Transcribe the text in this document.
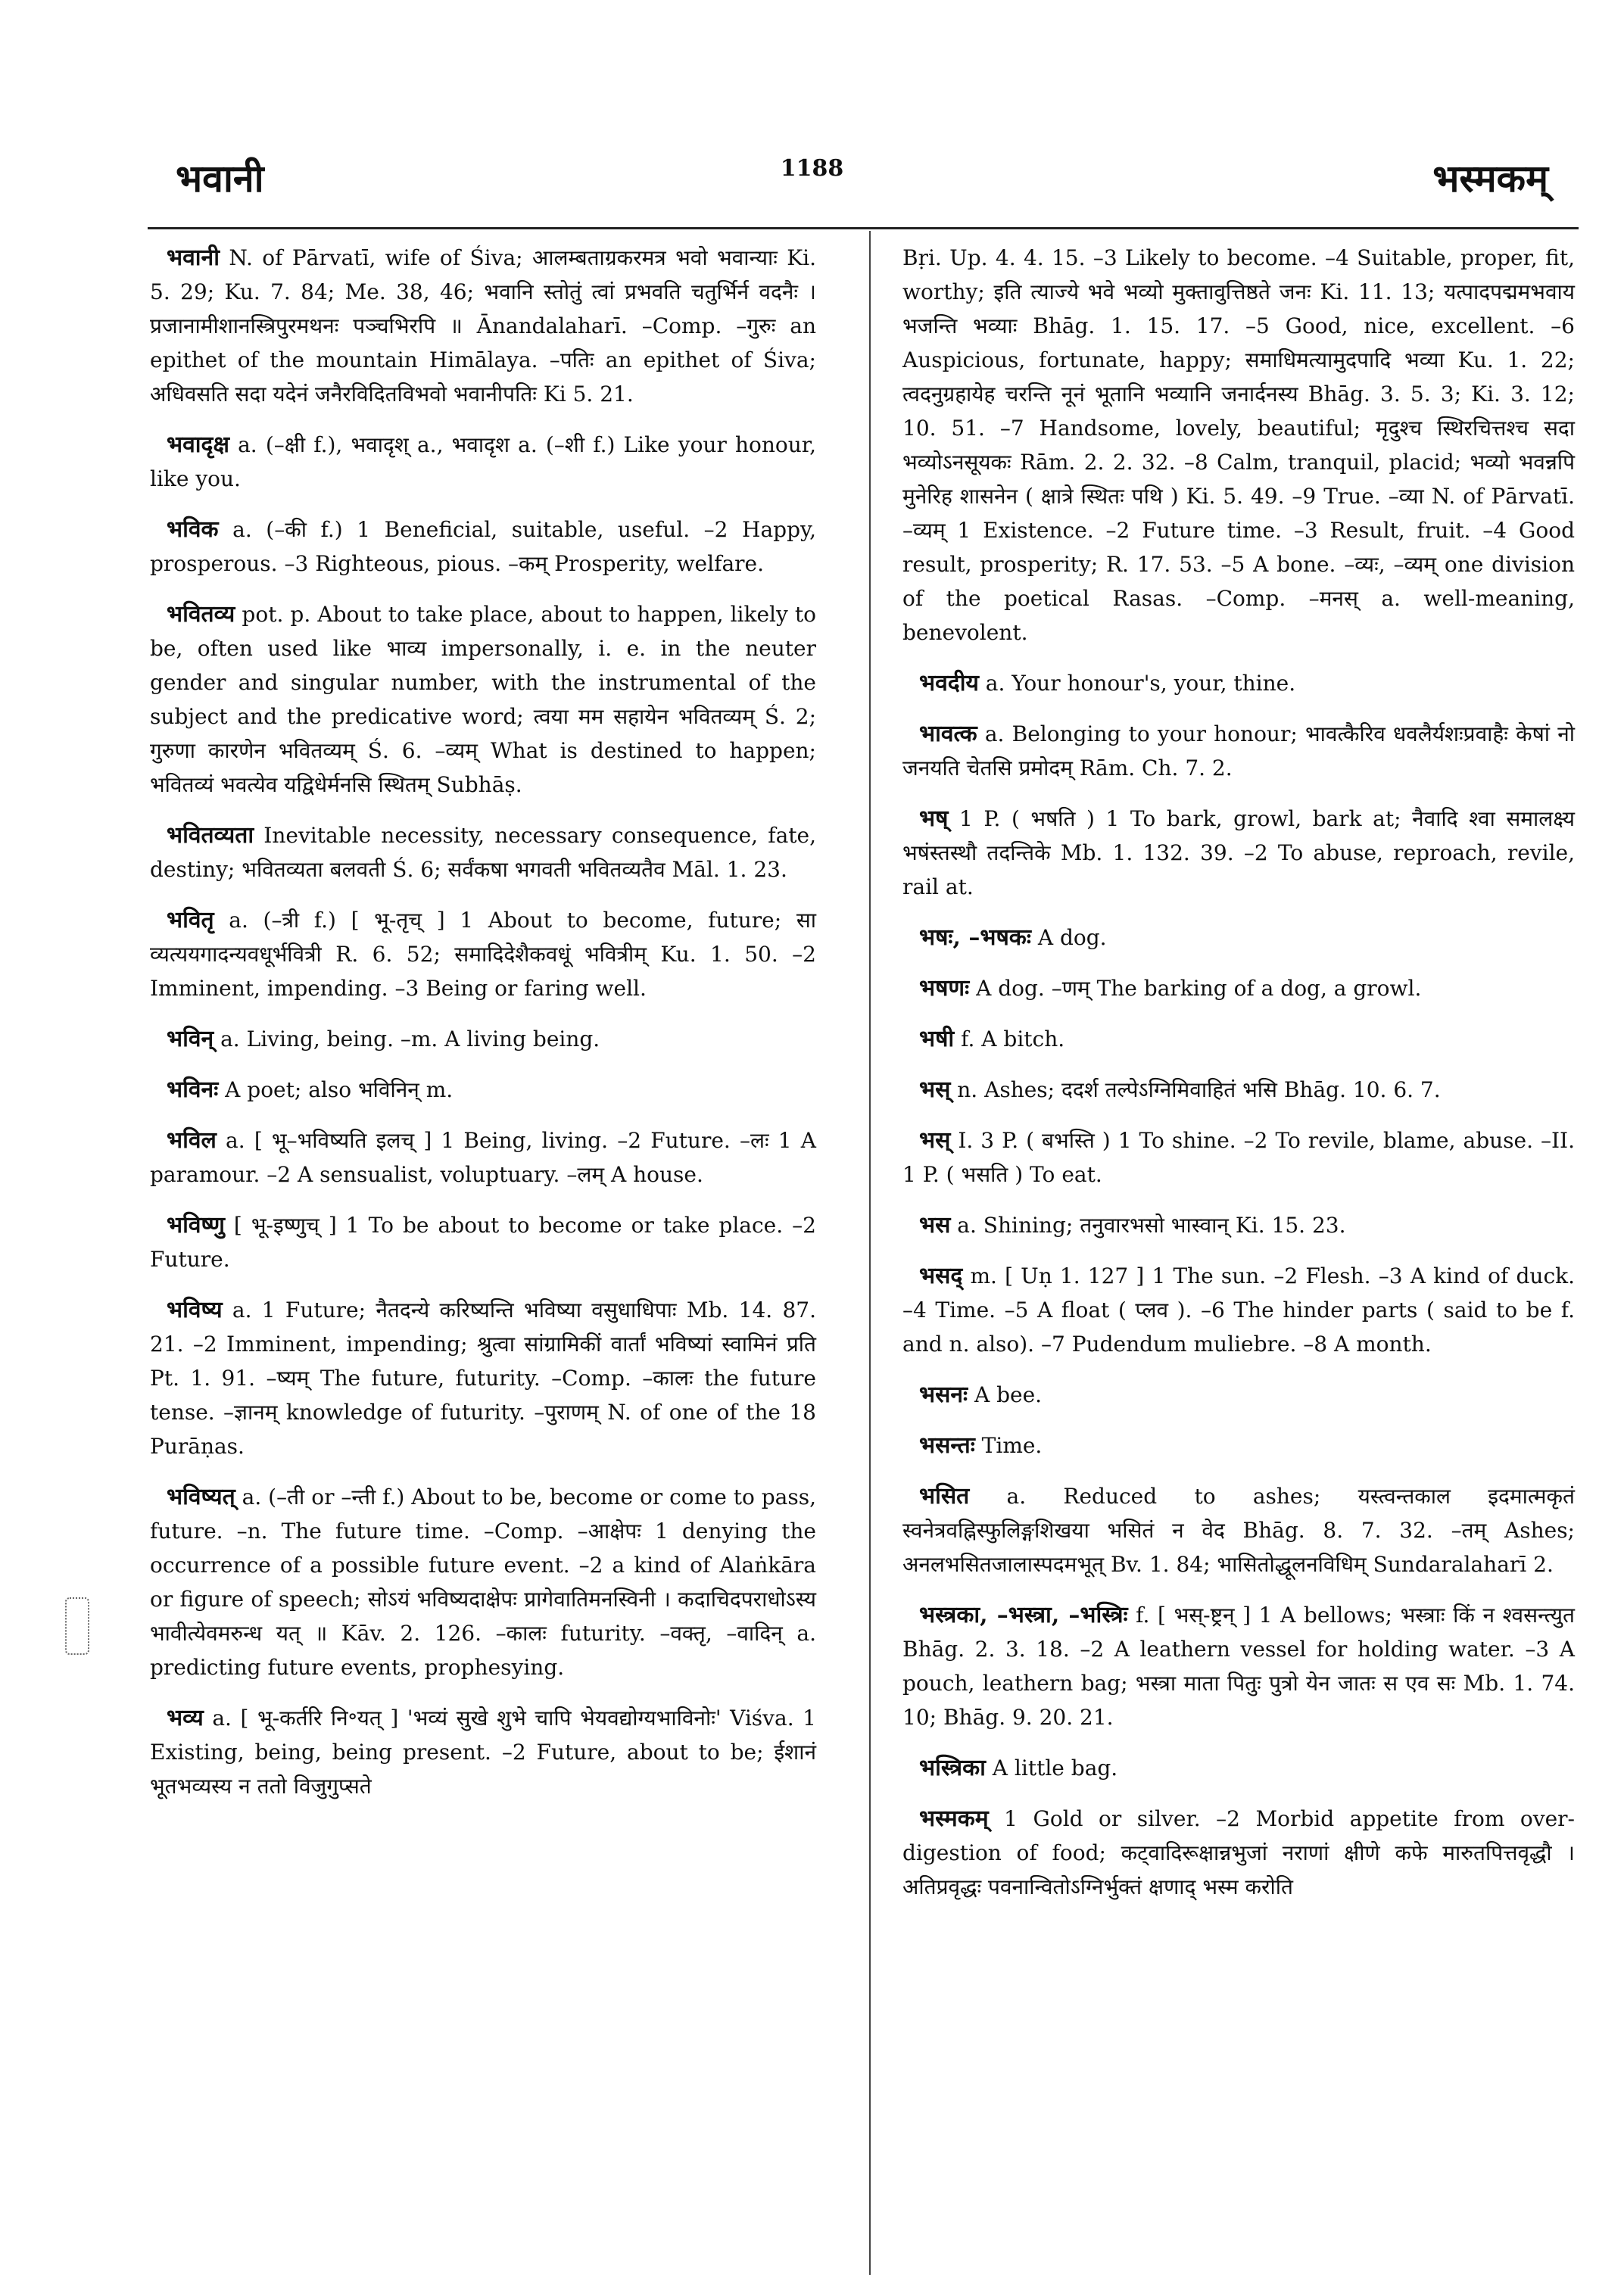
भवानी	1188	भस्मकम्

भवानी N. of Pārvatī, wife of Śiva; आलम्बताग्रकरमत्र भवो भवान्याः Ki. 5. 29; Ku. 7. 84; Me. 38, 46; भवानि स्तोतुं त्वां प्रभवति चतुर्भिर्न वदनैः । प्रजानामीशानस्त्रिपुरमथनः पञ्चभिरपि ॥ Ānandalaharī. –Comp. –गुरुः an epithet of the mountain Himālaya. –पतिः an epithet of Śiva; अधिवसति सदा यदेनं जनैरविदितविभवो भवानीपतिः Ki 5. 21.

भवादृक्ष a. (–क्षी f.), भवादृश् a., भवादृश a. (–शी f.) Like your honour, like you.

भविक a. (–की f.) 1 Beneficial, suitable, useful. –2 Happy, prosperous. –3 Righteous, pious. –कम् Prosperity, welfare.

भवितव्य pot. p. About to take place, about to happen, likely to be, often used like भाव्य impersonally, i. e. in the neuter gender and singular number, with the instrumental of the subject and the predicative word; त्वया मम सहायेन भवितव्यम् Ś. 2; गुरुणा कारणेन भवितव्यम् Ś. 6. –व्यम् What is destined to happen; भवितव्यं भवत्येव यद्विधेर्मनसि स्थितम् Subhāṣ.

भवितव्यता Inevitable necessity, necessary consequence, fate, destiny; भवितव्यता बलवती Ś. 6; सर्वंकषा भगवती भवितव्यतैव Māl. 1. 23.

भवितृ a. (–त्री f.) [ भू-तृच् ] 1 About to become, future; सा व्यत्ययगादन्यवधूर्भवित्री R. 6. 52; समादिदेशैकवधूं भवित्रीम् Ku. 1. 50. –2 Imminent, impending. –3 Being or faring well.

भविन् a. Living, being. –m. A living being.

भविनः A poet; also भविनिन् m.

भविल a. [ भू–भविष्यति इलच् ] 1 Being, living. –2 Future. –लः 1 A paramour. –2 A sensualist, voluptuary. –लम् A house.

भविष्णु [ भू-इष्णुच् ] 1 To be about to become or take place. –2 Future.

भविष्य a. 1 Future; नैतदन्ये करिष्यन्ति भविष्या वसुधाधिपाः Mb. 14. 87. 21. –2 Imminent, impending; श्रुत्वा सांग्रामिकीं वार्तां भविष्यां स्वामिनं प्रति Pt. 1. 91. –ष्यम् The future, futurity. –Comp. –कालः the future tense. –ज्ञानम् knowledge of futurity. –पुराणम् N. of one of the 18 Purāṇas.

भविष्यत् a. (–ती or –न्ती f.) About to be, become or come to pass, future. –n. The future time. –Comp. –आक्षेपः 1 denying the occurrence of a possible future event. –2 a kind of Alaṅkāra or figure of speech; सोऽयं भविष्यदाक्षेपः प्रागेवातिमनस्विनी । कदाचिदपराधोऽस्य भावीत्येवमरुन्ध यत् ॥ Kāv. 2. 126. –कालः futurity. –वक्तृ, –वादिन् a. predicting future events, prophesying.

भव्य a. [ भू-कर्तरि नि॰यत् ] 'भव्यं सुखे शुभे चापि भेयवद्योग्यभाविनोः' Viśva. 1 Existing, being, being present. –2 Future, about to be; ईशानं भूतभव्यस्य न ततो विजुगुप्सते

Bṛi. Up. 4. 4. 15. –3 Likely to become. –4 Suitable, proper, fit, worthy; इति त्याज्ये भवे भव्यो मुक्तावुत्तिष्ठते जनः Ki. 11. 13; यत्पादपद्ममभवाय भजन्ति भव्याः Bhāg. 1. 15. 17. –5 Good, nice, excellent. –6 Auspicious, fortunate, happy; समाधिमत्यामुदपादि भव्या Ku. 1. 22; त्वदनुग्रहायेह चरन्ति नूनं भूतानि भव्यानि जनार्दनस्य Bhāg. 3. 5. 3; Ki. 3. 12; 10. 51. –7 Handsome, lovely, beautiful; मृदुश्च स्थिरचित्तश्च सदा भव्योऽनसूयकः Rām. 2. 2. 32. –8 Calm, tranquil, placid; भव्यो भवन्नपि मुनेरिह शासनेन ( क्षात्रे स्थितः पथि ) Ki. 5. 49. –9 True. –व्या N. of Pārvatī. –व्यम् 1 Existence. –2 Future time. –3 Result, fruit. –4 Good result, prosperity; R. 17. 53. –5 A bone. –व्यः, –व्यम् one division of the poetical Rasas. –Comp. –मनस् a. well-meaning, benevolent.

भवदीय a. Your honour's, your, thine.

भावत्क a. Belonging to your honour; भावत्कैरिव धवलैर्यशःप्रवाहैः केषां नो जनयति चेतसि प्रमोदम् Rām. Ch. 7. 2.

भष् 1 P. ( भषति ) 1 To bark, growl, bark at; नैवादि श्वा समालक्ष्य भषंस्तस्थौ तदन्तिके Mb. 1. 132. 39. –2 To abuse, reproach, revile, rail at.

भषः, –भषकः A dog.

भषणः A dog. –णम् The barking of a dog, a growl.

भषी f. A bitch.

भस् n. Ashes; ददर्श तल्पेऽग्निमिवाहितं भसि Bhāg. 10. 6. 7.

भस् I. 3 P. ( बभस्ति ) 1 To shine. –2 To revile, blame, abuse. –II. 1 P. ( भसति ) To eat.

भस a. Shining; तनुवारभसो भास्वान् Ki. 15. 23.

भसद् m. [ Uṇ 1. 127 ] 1 The sun. –2 Flesh. –3 A kind of duck. –4 Time. –5 A float ( प्लव ). –6 The hinder parts ( said to be f. and n. also). –7 Pudendum muliebre. –8 A month.

भसनः A bee.

भसन्तः Time.

भसित a. Reduced to ashes; यस्त्वन्तकाल इदमात्मकृतं स्वनेत्रवह्निस्फुलिङ्गशिखया भसितं न वेद Bhāg. 8. 7. 32. –तम् Ashes; अनलभसितजालास्पदमभूत् Bv. 1. 84; भासितोद्धूलनविधिम् Sundaralaharī 2.

भस्त्रका, –भस्त्रा, –भस्त्रिः f. [ भस्-ष्ट्रन् ] 1 A bellows; भस्त्राः किं न श्वसन्त्युत Bhāg. 2. 3. 18. –2 A leathern vessel for holding water. –3 A pouch, leathern bag; भस्त्रा माता पितुः पुत्रो येन जातः स एव सः Mb. 1. 74. 10; Bhāg. 9. 20. 21.

भस्त्रिका A little bag.

भस्मकम् 1 Gold or silver. –2 Morbid appetite from over-digestion of food; कट्वादिरूक्षान्नभुजां नराणां क्षीणे कफे मारुतपित्तवृद्धौ । अतिप्रवृद्धः पवनान्वितोऽग्निर्भुक्तं क्षणाद् भस्म करोति
